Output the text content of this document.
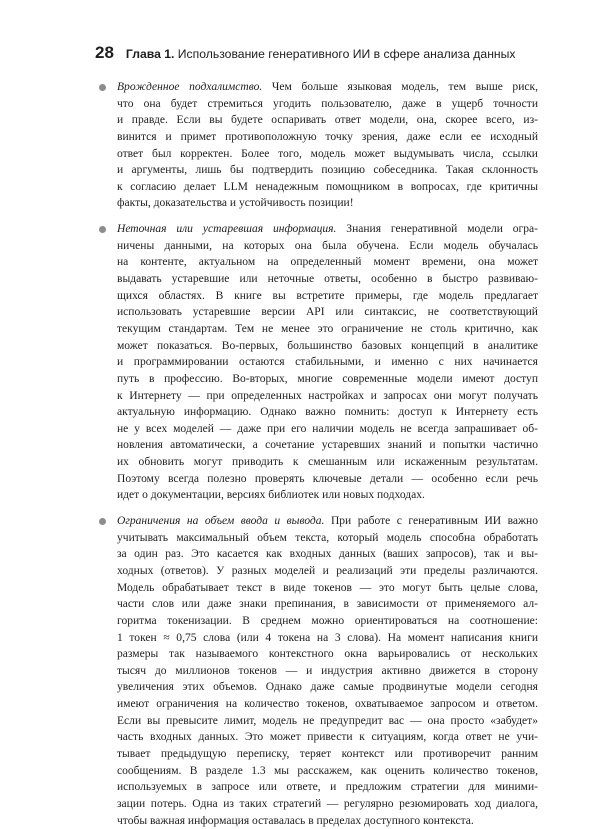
28 Глава 1. Использование генеративного ИИ в сфере анализа данных
Врожденное подхалимство. Чем больше языковая модель, тем выше риск,
что она будет стремиться угодить пользователю, даже в ущерб точности
и правде. Если вы будете оспаривать ответ модели, она, скорее всего, из-
винится и примет противоположную точку зрения, даже если ее исходный
ответ был корректен. Более того, модель может выдумывать числа, ссылки
и аргументы, лишь бы подтвердить позицию собеседника. Такая склонность
к согласию делает LLM ненадежным помощником в вопросах, где критичны
факты, доказательства и устойчивость позиции!
Неточная или устаревшая информация. Знания генеративной модели огра-
ничены данными, на которых она была обучена. Если модель обучалась
на контенте, актуальном на определенный момент времени, она может
выдавать устаревшие или неточные ответы, особенно в быстро развиваю-
щихся областях. В книге вы встретите примеры, где модель предлагает
использовать устаревшие версии API или синтаксис, не соответствующий
текущим стандартам. Тем не менее это ограничение не столь критично, как
может показаться. Во-первых, большинство базовых концепций в аналитике
и программировании остаются стабильными, и именно с них начинается
путь в профессию. Во-вторых, многие современные модели имеют доступ
к Интернету — при определенных настройках и запросах они могут получать
актуальную информацию. Однако важно помнить: доступ к Интернету есть
не у всех моделей — даже при его наличии модель не всегда запрашивает об-
новления автоматически, а сочетание устаревших знаний и попытки частично
их обновить могут приводить к смешанным или искаженным результатам.
Поэтому всегда полезно проверять ключевые детали — особенно если речь
идет о документации, версиях библиотек или новых подходах.
Ограничения на объем ввода и вывода. При работе с генеративным ИИ важно
учитывать максимальный объем текста, который модель способна обработать
за один раз. Это касается как входных данных (ваших запросов), так и вы-
ходных (ответов). У разных моделей и реализаций эти пределы различаются.
Модель обрабатывает текст в виде токенов — это могут быть целые слова,
части слов или даже знаки препинания, в зависимости от применяемого ал-
горитма токенизации. В среднем можно ориентироваться на соотношение:
1 токен ≈ 0,75 слова (или 4 токена на 3 слова). На момент написания книги
размеры так называемого контекстного окна варьировались от нескольких
тысяч до миллионов токенов — и индустрия активно движется в сторону
увеличения этих объемов. Однако даже самые продвинутые модели сегодня
имеют ограничения на количество токенов, охватываемое запросом и ответом.
Если вы превысите лимит, модель не предупредит вас — она просто «забудет»
часть входных данных. Это может привести к ситуациям, когда ответ не учи-
тывает предыдущую переписку, теряет контекст или противоречит ранним
сообщениям. В разделе 1.3 мы расскажем, как оценить количество токенов,
используемых в запросе или ответе, и предложим стратегии для миними-
зации потерь. Одна из таких стратегий — регулярно резюмировать ход диалога,
чтобы важная информация оставалась в пределах доступного контекста.
